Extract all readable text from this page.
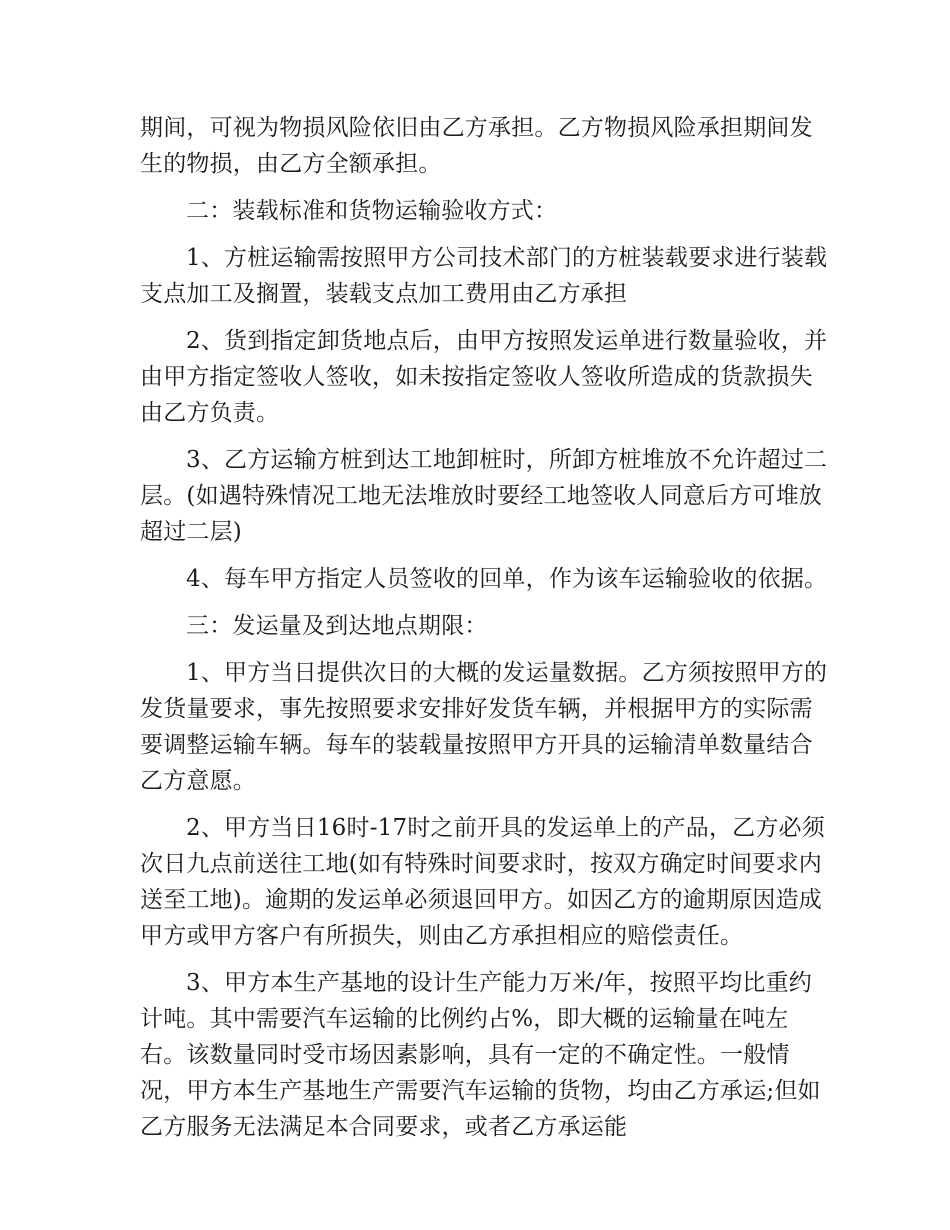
期间，可视为物损风险依旧由乙方承担。乙方物损风险承担期间发生的物损，由乙方全额承担。

二：装载标准和货物运输验收方式：

1、方桩运输需按照甲方公司技术部门的方桩装载要求进行装载支点加工及搁置，装载支点加工费用由乙方承担

2、货到指定卸货地点后，由甲方按照发运单进行数量验收，并由甲方指定签收人签收，如未按指定签收人签收所造成的货款损失由乙方负责。

3、乙方运输方桩到达工地卸桩时，所卸方桩堆放不允许超过二层。(如遇特殊情况工地无法堆放时要经工地签收人同意后方可堆放超过二层)

4、每车甲方指定人员签收的回单，作为该车运输验收的依据。

三：发运量及到达地点期限：

1、甲方当日提供次日的大概的发运量数据。乙方须按照甲方的发货量要求，事先按照要求安排好发货车辆，并根据甲方的实际需要调整运输车辆。每车的装载量按照甲方开具的运输清单数量结合乙方意愿。

2、甲方当日16时-17时之前开具的发运单上的产品，乙方必须次日九点前送往工地(如有特殊时间要求时，按双方确定时间要求内送至工地)。逾期的发运单必须退回甲方。如因乙方的逾期原因造成甲方或甲方客户有所损失，则由乙方承担相应的赔偿责任。

3、甲方本生产基地的设计生产能力万米/年，按照平均比重约计吨。其中需要汽车运输的比例约占%，即大概的运输量在吨左右。该数量同时受市场因素影响，具有一定的不确定性。一般情况，甲方本生产基地生产需要汽车运输的货物，均由乙方承运;但如乙方服务无法满足本合同要求，或者乙方承运能
